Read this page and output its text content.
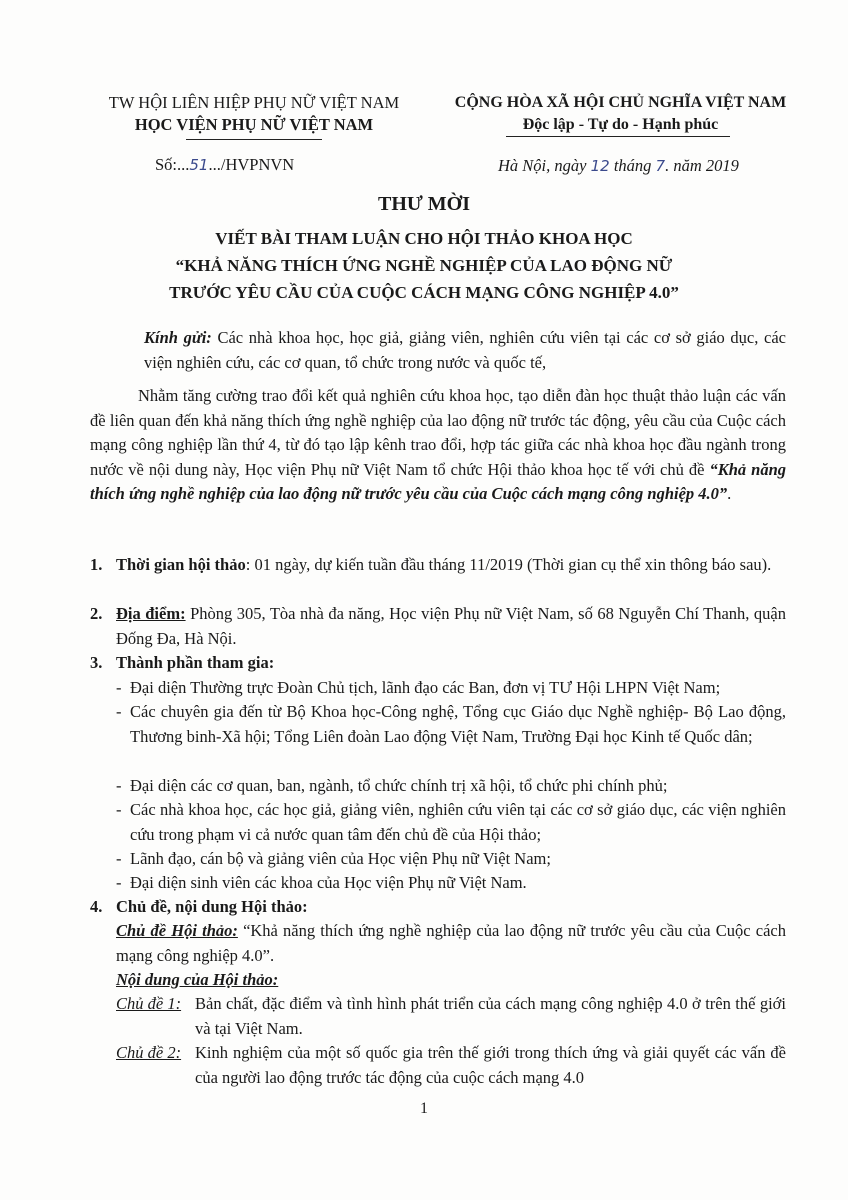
TW HỘI LIÊN HIỆP PHỤ NỮ VIỆT NAM
HỌC VIỆN PHỤ NỮ VIỆT NAM
CỘNG HÒA XÃ HỘI CHỦ NGHĨA VIỆT NAM
Độc lập - Tự do - Hạnh phúc
Số:...51.../HVPNVN	Hà Nội, ngày 12 tháng 7. năm 2019
THƯ MỜI
VIẾT BÀI THAM LUẬN CHO HỘI THẢO KHOA HỌC
“KHẢ NĂNG THÍCH ỨNG NGHỀ NGHIỆP CỦA LAO ĐỘNG NỮ
TRƯỚC YÊU CẦU CỦA CUỘC CÁCH MẠNG CÔNG NGHIỆP 4.0”
Kính gửi: Các nhà khoa học, học giả, giảng viên, nghiên cứu viên tại các cơ sở giáo dục, các viện nghiên cứu, các cơ quan, tổ chức trong nước và quốc tế,
Nhằm tăng cường trao đổi kết quả nghiên cứu khoa học, tạo diễn đàn học thuật thảo luận các vấn đề liên quan đến khả năng thích ứng nghề nghiệp của lao động nữ trước tác động, yêu cầu của Cuộc cách mạng công nghiệp lần thứ 4, từ đó tạo lập kênh trao đổi, hợp tác giữa các nhà khoa học đầu ngành trong nước về nội dung này, Học viện Phụ nữ Việt Nam tổ chức Hội thảo khoa học tế với chủ đề “Khả năng thích ứng nghề nghiệp của lao động nữ trước yêu cầu của Cuộc cách mạng công nghiệp 4.0”.
1. Thời gian hội thảo: 01 ngày, dự kiến tuần đầu tháng 11/2019 (Thời gian cụ thể xin thông báo sau).
2. Địa điểm: Phòng 305, Tòa nhà đa năng, Học viện Phụ nữ Việt Nam, số 68 Nguyễn Chí Thanh, quận Đống Đa, Hà Nội.
3. Thành phần tham gia:
- Đại diện Thường trực Đoàn Chủ tịch, lãnh đạo các Ban, đơn vị TƯ Hội LHPN Việt Nam;
- Các chuyên gia đến từ Bộ Khoa học-Công nghệ, Tổng cục Giáo dục Nghề nghiệp- Bộ Lao động, Thương binh-Xã hội; Tổng Liên đoàn Lao động Việt Nam, Trường Đại học Kinh tế Quốc dân;
- Đại diện các cơ quan, ban, ngành, tổ chức chính trị xã hội, tổ chức phi chính phủ;
- Các nhà khoa học, các học giả, giảng viên, nghiên cứu viên tại các cơ sở giáo dục, các viện nghiên cứu trong phạm vi cả nước quan tâm đến chủ đề của Hội thảo;
- Lãnh đạo, cán bộ và giảng viên của Học viện Phụ nữ Việt Nam;
- Đại diện sinh viên các khoa của Học viện Phụ nữ Việt Nam.
4. Chủ đề, nội dung Hội thảo:
Chủ đề Hội thảo: “Khả năng thích ứng nghề nghiệp của lao động nữ trước yêu cầu của Cuộc cách mạng công nghiệp 4.0”.
Nội dung của Hội thảo:
Chủ đề 1: Bản chất, đặc điểm và tình hình phát triển của cách mạng công nghiệp 4.0 ở trên thế giới và tại Việt Nam.
Chủ đề 2: Kinh nghiệm của một số quốc gia trên thế giới trong thích ứng và giải quyết các vấn đề của người lao động trước tác động của cuộc cách mạng 4.0
1
